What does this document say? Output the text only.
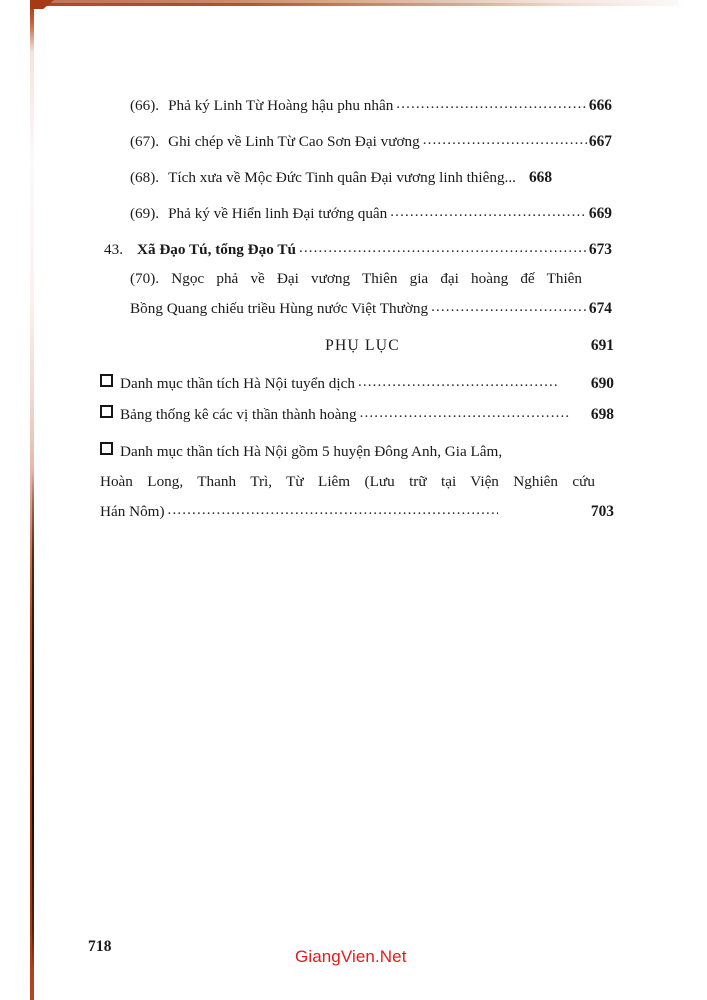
(66). Phả ký Linh Từ Hoàng hậu phu nhân .....	666
(67). Ghi chép về Linh Từ Cao Sơn Đại vương .....	667
(68). Tích xưa về Mộc Đức Tinh quân Đại vương linh thiêng... 668
(69). Phả ký về Hiển linh Đại tướng quân .....	669
43. Xã Đạo Tú, tổng Đạo Tú .....	673
(70). Ngọc phả về Đại vương Thiên gia đại hoàng đế Thiên
Bồng Quang chiếu triều Hùng nước Việt Thường .....	674
PHỤ LỤC	691
Danh mục thần tích Hà Nội tuyển dịch .....	690
Bảng thống kê các vị thần thành hoàng .....	698
Danh mục thần tích Hà Nội gồm 5 huyện Đông Anh, Gia Lâm,
Hoàn Long, Thanh Trì, Từ Liêm (Lưu trữ tại Viện Nghiên cứu
Hán Nôm) .....	703
718
GiangVien.Net
